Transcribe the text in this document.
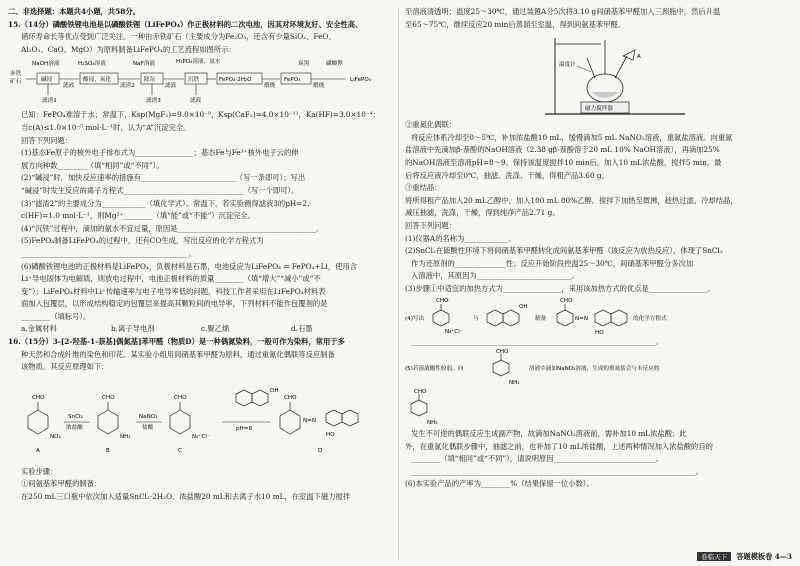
二、非选择题：本题共4小题，共58分。

15.（14分）磷酸铁锂电池是以磷酸铁锂（LiFePO₄）作正极材料的二次电池，因其对环境友好、安全性高、

循环寿命长等优点受到广泛关注。一种由赤铁矿石（主要成分为Fe₂O₃，还含有少量SiO₂、FeO、

Al₂O₃、CaO、MgO）为原料制备LiFePO₄的工艺流程如图所示：

赤铁
矿石
NaOH溶液
碱浸
滤渣1
滤液
H₂SO₄溶液
酸浸、氧化
滤渣2
NaF溶液
除杂
滤液
滤渣3
H₃PO₄溶液、氨水
沉铁
滤液
FePO₄·2H₂O
煅烧
FePO₄
炭黑	磷酸锂
煅烧
LiFePO₄

已知：FePO₄难溶于水；常温下，Ksp(MgF₂)=9.0×10⁻⁹，Ksp(CaF₂)=4.0×10⁻¹¹，Ka(HF)=3.0×10⁻⁴；

当c(A)≤1.0×10⁻⁵ mol·L⁻¹时，认为“A”沉淀完全。

回答下列问题：

(1)基态Fe原子的核外电子排布式为________________；基态Fe与Fe³⁺核外电子云的伸

展方向种数________（填“相同”或“不同”）。

(2)“碱浸”时，加快反应速率的措施有__________________________（写一条即可）；写出

“碱浸”时发生反应的离子方程式_________________________________（写一个即可）。

(3)“滤渣2”的主要成分为____________（填化学式）。常温下，若实验测得滤液3的pH=2、

c(HF)=1.0 mol·L⁻¹，则Mg²⁺________（填“能”或“不能”）沉淀完全。

(4)“沉铁”过程中，滴加的氨水不宜过量，原因是______________________________________。

(5)FePO₄制备LiFePO₄的过程中，还有CO生成，写出反应的化学方程式为

______________________________________________。

(6)磷酸铁锂电池的正极材料是LiFePO₄，负极材料是石墨，电池反应为LiFePO₄ ⇌ FePO₄+Li，使用含

Li⁺导电固体为电解质，则放电过程中，电池正极材料的质量________（填“增大”“减小”或“不

变”）；LiFePO₄材料中Li⁺传输速率与电子电导率低的问题，科技工作者采用在LiFePO₄材料表

面加入包覆层，以形成结构稳定的包覆层来提高其颗粒间的电导率，下列材料不能作包覆剂的是

________（填标号）。

a.金属材料	b.离子导电剂	c.聚乙烯	d.石墨

16.（15分）3-[2-羟基-1-萘基]偶氮基]苯甲醛（物质D）是一种偶氮染料，一般可作为染料，常用于多

种天然和合成纤维的染色和印花。某实验小组用间硝基苯甲醛为原料，通过重氮化偶联等反应制备

该物质。其反应原理如下：

CHO
NO₂
A
SnCl₂
浓盐酸
CHO
NH₂
B
NaNO₂
盐酸
CHO
N₂⁺Cl⁻
C
OH
pH=8
CHO
N=N
HO
D

实验步骤：

①间氨基苯甲醛的制备：

在250 mL三口瓶中依次加入适量SnCl₂·2H₂O、浓盐酸20 mL和去离子水10 mL，在室温下磁力搅拌

至溶液清透明；温度25～30℃，通过装置A分5次将3.10 g间硝基苯甲醛加入三颈瓶中，然后升温

至65～75℃，继续反应20 min后蒸溜至室温，得到间氨基苯甲醛。

A
温度计
磁力搅拌器

②重氮化偶联：

将反应体系冷却至0～5℃，补加浓盐酸10 mL，缓慢滴加5 mL NaNO₂溶液，重氮盐溶液。向重氮

盐溶液中先滴加β-萘酚的NaOH溶液（2.38 gβ-萘酚溶于20 mL 10% NaOH溶液），再滴加25%

的NaOH溶液至溶液pH=8～9。保持该温度搅拌10 min后，加入10 mL浓盐酸，搅拌5 min。最

后将反应液冷却至0℃，抽滤、洗涤、干燥，得粗产品3.60 g。

③重结晶：

将所得粗产品加入20 mL乙醇中，加入100 mL 80%乙醇。搅拌下加热至微沸，趁热过滤，冷却结晶，

减压抽滤，洗涤，干燥，得到纯净产品2.71 g。

回答下列问题：

(1)仪器A的名称为____________。

(2)SnCl₂在硫酸性环境下将间硝基苯甲醛转化成间氨基苯甲醛（该反应为放热反应），体现了SnCl₂

作为还原剂的______________性；反应开始阶段控温25～30℃，间硝基苯甲醛分多次加

入溶液中，其原因为__________________________。

(3)步骤①中适宜的加热方式为________________，采用该加热方式的优点是________________。

(4)写出
CHO
N₂⁺Cl⁻
与
OH
制备
CHO
N=N
HO
的化学方程式

___________________________________________________________________。

(5)若溶液酸性较弱，向
CHO
NH₂
溶液中滴加NaNO₂溶液，生成的重氮盐会与未反应的
CHO
NH₂

发生不可逆的偶联反应生成副产物，故滴加NaNO₂溶液前，需补加10 mL浓盐酸；此

外，在重氮化偶联步骤中，抽滤之前，也补加了10 mL浓盐酸，上述两种情况加入浓盐酸的目的

________（填“相同”或“不同”），请说明原因____________________________。

______________________________________________________________________________。

(6)本实验产品的产率为________%（结果保留一位小数）。

卷临天下 答题模板卷 4—3
